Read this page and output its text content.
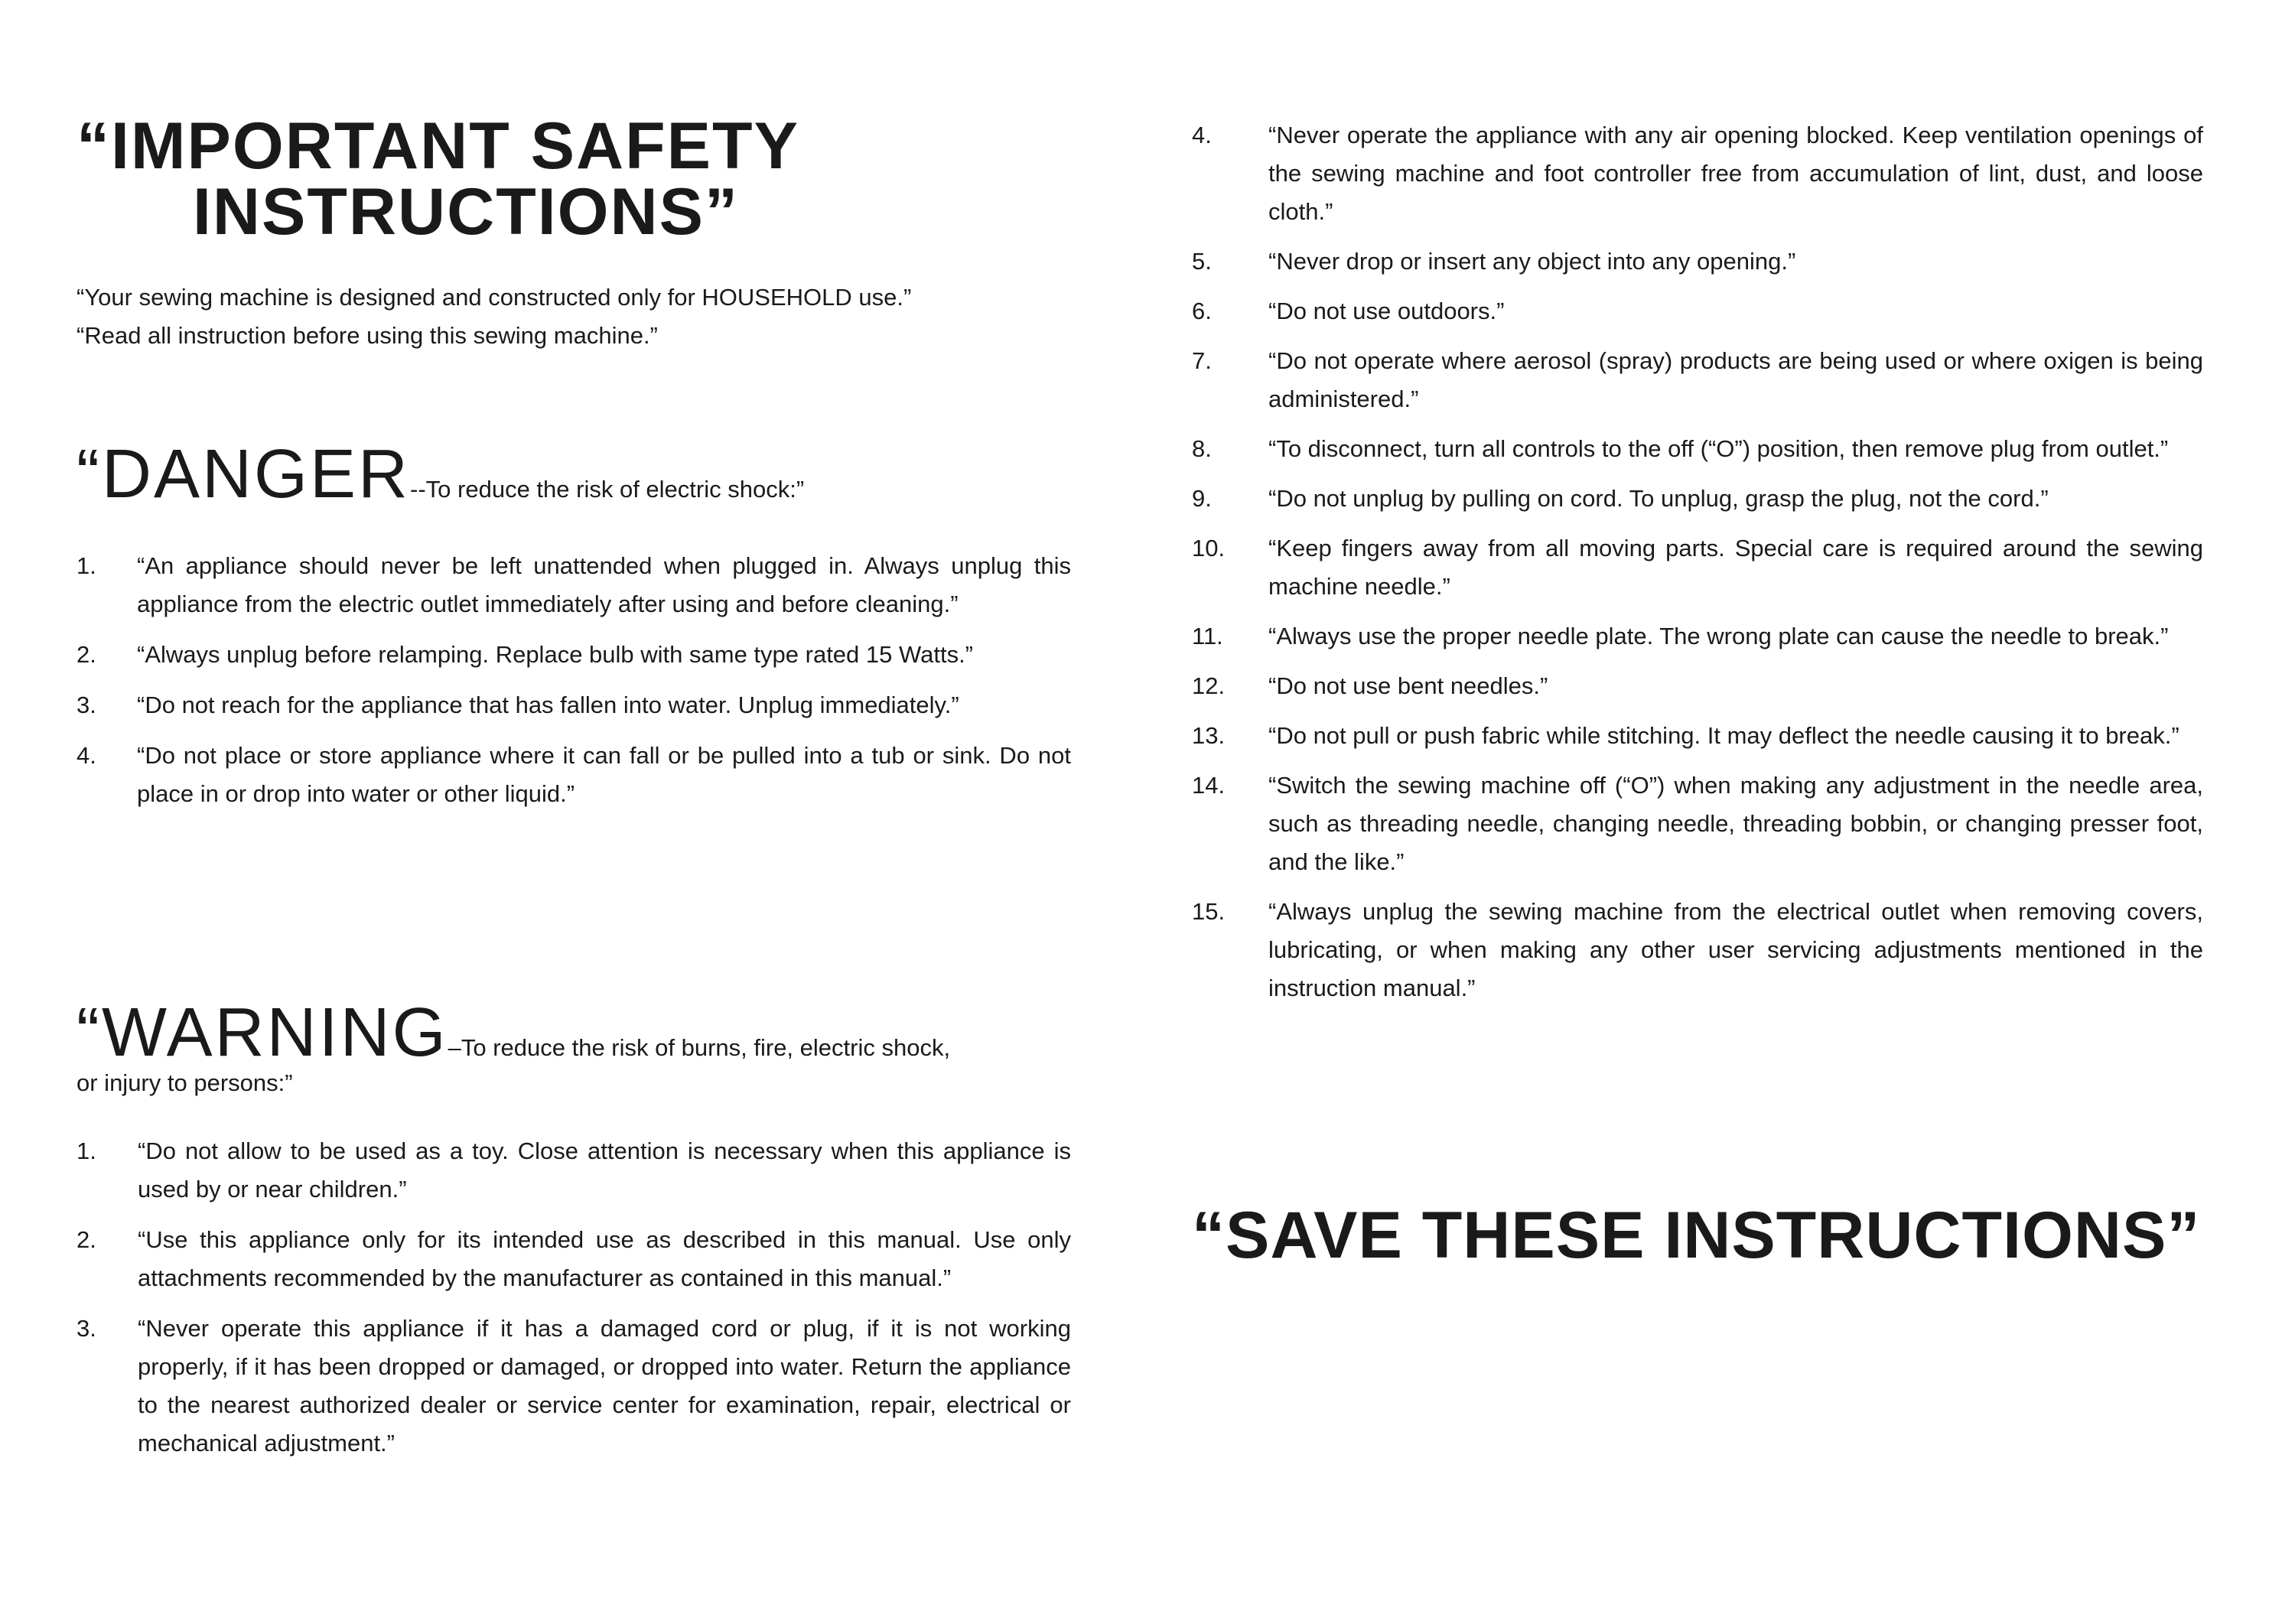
“IMPORTANT SAFETY
INSTRUCTIONS”

“Your sewing machine is designed and constructed only for HOUSEHOLD use.”

“Read all instruction before using this sewing machine.”

“DANGER--To reduce the risk of electric shock:”
1. “An appliance should never be left unattended when plugged in. Always unplug this appliance from the electric outlet immediately after using and before cleaning.”
2. “Always unplug before relamping. Replace bulb with same type rated 15 Watts.”
3. “Do not reach for the appliance that has fallen into water. Unplug immediately.”
4. “Do not place or store appliance where it can fall or be pulled into a tub or sink. Do not place in or drop into water or other liquid.”
“WARNING–To reduce the risk of burns, fire, electric shock,
or injury to persons:”
1. “Do not allow to be used as a toy. Close attention is necessary when this appliance is used by or near children.”
2. “Use this appliance only for its intended use as described in this manual. Use only attachments recommended by the manufacturer as contained in this manual.”
3. “Never operate this appliance if it has a damaged cord or plug, if it is not working properly, if it has been dropped or damaged, or dropped into water. Return the appliance to the nearest authorized dealer or service center for examination, repair, electrical or mechanical adjustment.”
4. “Never operate the appliance with any air opening blocked. Keep ventilation openings of the sewing machine and foot controller free from accumulation of lint, dust, and loose cloth.”
5. “Never drop or insert any object into any opening.”
6. “Do not use outdoors.”
7. “Do not operate where aerosol (spray) products are being used or where oxigen is being administered.”
8. “To disconnect, turn all controls to the off (“O”) position, then remove plug from outlet.”
9. “Do not unplug by pulling on cord. To unplug, grasp the plug, not the cord.”
10. “Keep fingers away from all moving parts. Special care is required around the sewing machine needle.”
11. “Always use the proper needle plate. The wrong plate can cause the needle to break.”
12. “Do not use bent needles.”
13. “Do not pull or push fabric while stitching. It may deflect the needle causing it to break.”
14. “Switch the sewing machine off (“O”) when making any adjustment in the needle area, such as threading needle, changing needle, threading bobbin, or changing presser foot, and the like.”
15. “Always unplug the sewing machine from the electrical outlet when removing covers, lubricating, or when making any other user servicing adjustments mentioned in the instruction manual.”
“SAVE THESE INSTRUCTIONS”
